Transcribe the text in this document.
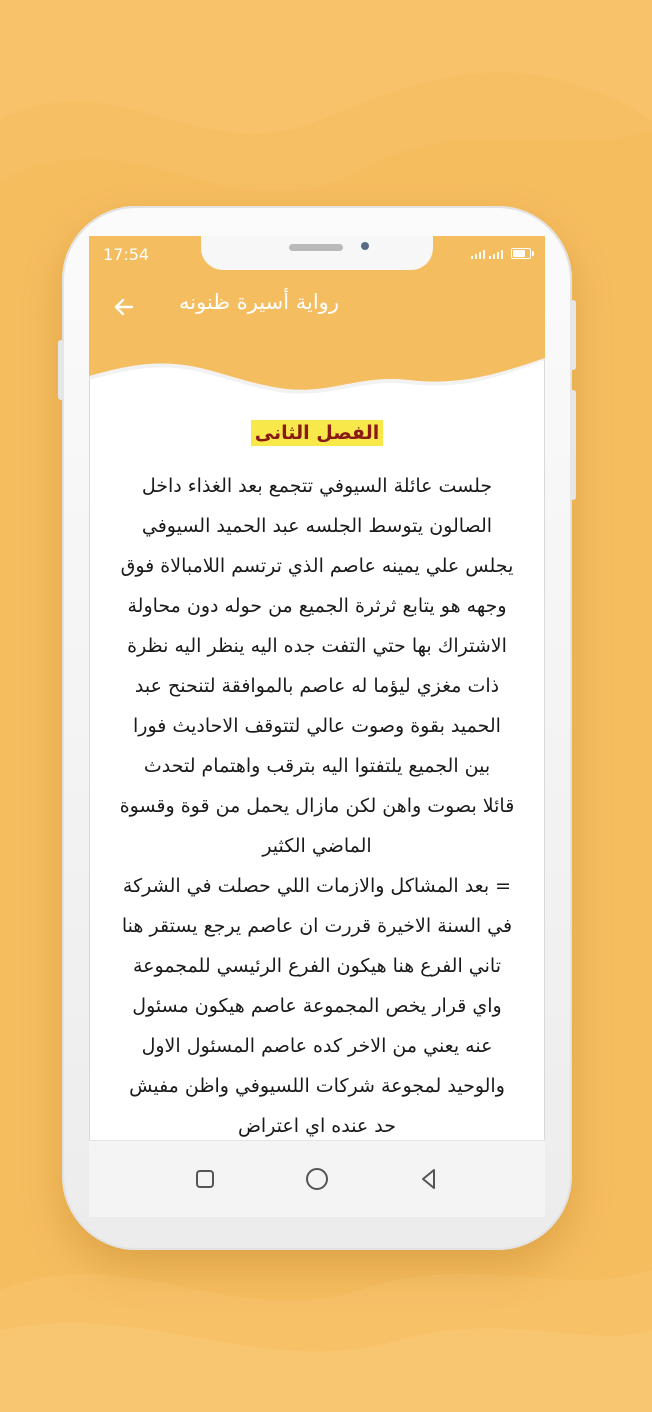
17:54
رواية أسيرة ظنونه
الفصل الثانى
جلست عائلة السيوفي تتجمع بعد الغذاء داخل
الصالون يتوسط الجلسه عبد الحميد السيوفي
يجلس علي يمينه عاصم الذي ترتسم اللامبالاة فوق
وجهه هو يتابع ثرثرة الجميع من حوله دون محاولة
الاشتراك بها حتي التفت جده اليه ينظر اليه نظرة
ذات مغزي ليؤما له عاصم بالموافقة لتنحنح عبد
الحميد بقوة وصوت عالي لتتوقف الاحاديث فورا
بين الجميع يلتفتوا اليه بترقب واهتمام لتحدث
قائلا بصوت واهن لكن مازال يحمل من قوة وقسوة
الماضي الكثير
= بعد المشاكل والازمات اللي حصلت في الشركة
في السنة الاخيرة قررت ان عاصم يرجع يستقر هنا
تاني الفرع هنا هيكون الفرع الرئيسي للمجموعة
واي قرار يخص المجموعة عاصم هيكون مسئول
عنه يعني من الاخر كده عاصم المسئول الاول
والوحيد لمجوعة شركات اللسيوفي واظن مفيش
حد عنده اي اعتراض
